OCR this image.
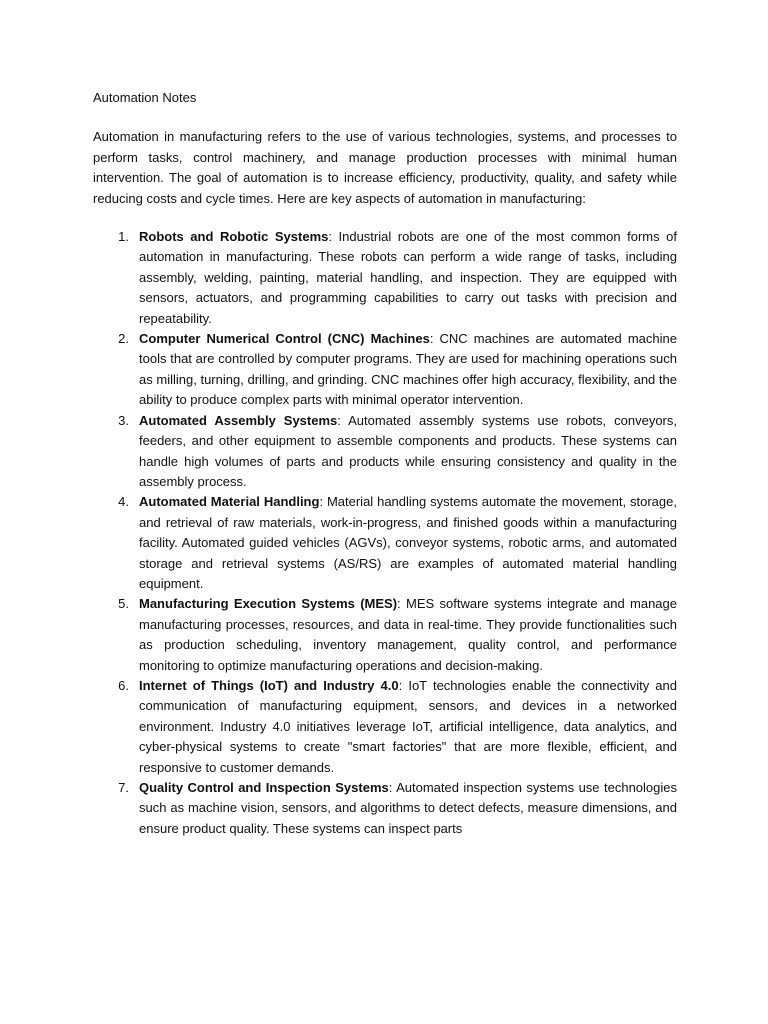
Automation Notes

Automation in manufacturing refers to the use of various technologies, systems, and processes to perform tasks, control machinery, and manage production processes with minimal human intervention. The goal of automation is to increase efficiency, productivity, quality, and safety while reducing costs and cycle times. Here are key aspects of automation in manufacturing:

1. Robots and Robotic Systems: Industrial robots are one of the most common forms of automation in manufacturing. These robots can perform a wide range of tasks, including assembly, welding, painting, material handling, and inspection. They are equipped with sensors, actuators, and programming capabilities to carry out tasks with precision and repeatability.
2. Computer Numerical Control (CNC) Machines: CNC machines are automated machine tools that are controlled by computer programs. They are used for machining operations such as milling, turning, drilling, and grinding. CNC machines offer high accuracy, flexibility, and the ability to produce complex parts with minimal operator intervention.
3. Automated Assembly Systems: Automated assembly systems use robots, conveyors, feeders, and other equipment to assemble components and products. These systems can handle high volumes of parts and products while ensuring consistency and quality in the assembly process.
4. Automated Material Handling: Material handling systems automate the movement, storage, and retrieval of raw materials, work-in-progress, and finished goods within a manufacturing facility. Automated guided vehicles (AGVs), conveyor systems, robotic arms, and automated storage and retrieval systems (AS/RS) are examples of automated material handling equipment.
5. Manufacturing Execution Systems (MES): MES software systems integrate and manage manufacturing processes, resources, and data in real-time. They provide functionalities such as production scheduling, inventory management, quality control, and performance monitoring to optimize manufacturing operations and decision-making.
6. Internet of Things (IoT) and Industry 4.0: IoT technologies enable the connectivity and communication of manufacturing equipment, sensors, and devices in a networked environment. Industry 4.0 initiatives leverage IoT, artificial intelligence, data analytics, and cyber-physical systems to create "smart factories" that are more flexible, efficient, and responsive to customer demands.
7. Quality Control and Inspection Systems: Automated inspection systems use technologies such as machine vision, sensors, and algorithms to detect defects, measure dimensions, and ensure product quality. These systems can inspect parts
